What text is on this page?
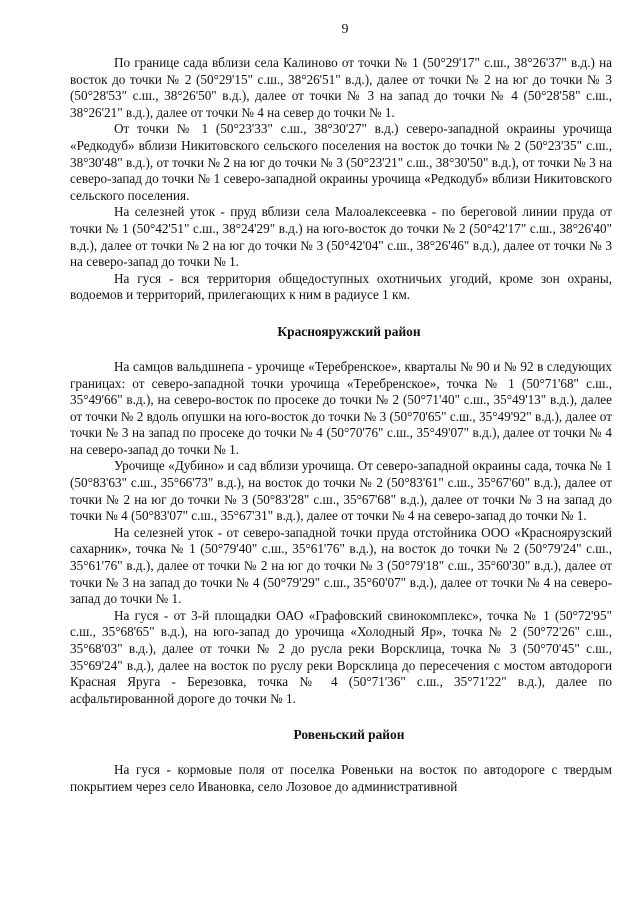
9

По границе сада вблизи села Калиново от точки № 1 (50°29'17" с.ш., 38°26'37" в.д.) на восток до точки № 2 (50°29'15" с.ш., 38°26'51" в.д.), далее от точки № 2 на юг до точки № 3 (50°28'53" с.ш., 38°26'50" в.д.), далее от точки № 3 на запад до точки № 4 (50°28'58" с.ш., 38°26'21" в.д.), далее от точки № 4 на север до точки № 1.

От точки № 1 (50°23'33" с.ш., 38°30'27" в.д.) северо-западной окраины урочища «Редкодуб» вблизи Никитовского сельского поселения на восток до точки № 2 (50°23'35" с.ш., 38°30'48" в.д.), от точки № 2 на юг до точки № 3 (50°23'21" с.ш., 38°30'50" в.д.), от точки № 3 на северо-запад до точки № 1 северо-западной окраины урочища «Редкодуб» вблизи Никитовского сельского поселения.

На селезней уток - пруд вблизи села Малоалексеевка - по береговой линии пруда от точки № 1 (50°42'51" с.ш., 38°24'29" в.д.) на юго-восток до точки № 2 (50°42'17" с.ш., 38°26'40" в.д.), далее от точки № 2 на юг до точки № 3 (50°42'04" с.ш., 38°26'46" в.д.), далее от точки № 3 на северо-запад до точки № 1.

На гуся - вся территория общедоступных охотничьих угодий, кроме зон охраны, водоемов и территорий, прилегающих к ним в радиусе 1 км.

Краснояружский район

На самцов вальдшнепа - урочище «Теребренское», кварталы № 90 и № 92 в следующих границах: от северо-западной точки урочища «Теребренское», точка № 1 (50°71'68" с.ш., 35°49'66" в.д.), на северо-восток по просеке до точки № 2 (50°71'40" с.ш., 35°49'13" в.д.), далее от точки № 2 вдоль опушки на юго-восток до точки № 3 (50°70'65" с.ш., 35°49'92" в.д.), далее от точки № 3 на запад по просеке до точки № 4 (50°70'76" с.ш., 35°49'07" в.д.), далее от точки № 4 на северо-запад до точки № 1.

Урочище «Дубино» и сад вблизи урочища. От северо-западной окраины сада, точка № 1 (50°83'63" с.ш., 35°66'73" в.д.), на восток до точки № 2 (50°83'61" с.ш., 35°67'60" в.д.), далее от точки № 2 на юг до точки № 3 (50°83'28" с.ш., 35°67'68" в.д.), далее от точки № 3 на запад до точки № 4 (50°83'07" с.ш., 35°67'31" в.д.), далее от точки № 4 на северо-запад до точки № 1.

На селезней уток - от северо-западной точки пруда отстойника ООО «Красноярузский сахарник», точка № 1 (50°79'40" с.ш., 35°61'76" в.д.), на восток до точки № 2 (50°79'24" с.ш., 35°61'76" в.д.), далее от точки № 2 на юг до точки № 3 (50°79'18" с.ш., 35°60'30" в.д.), далее от точки № 3 на запад до точки № 4 (50°79'29" с.ш., 35°60'07" в.д.), далее от точки № 4 на северо-запад до точки № 1.

На гуся - от 3-й площадки ОАО «Графовский свинокомплекс», точка № 1 (50°72'95" с.ш., 35°68'65" в.д.), на юго-запад до урочища «Холодный Яр», точка № 2 (50°72'26" с.ш., 35°68'03" в.д.), далее от точки № 2 до русла реки Ворсклица, точка № 3 (50°70'45" с.ш., 35°69'24" в.д.), далее на восток по руслу реки Ворсклица до пересечения с мостом автодороги Красная Яруга - Березовка, точка № 4 (50°71'36" с.ш., 35°71'22" в.д.), далее по асфальтированной дороге до точки № 1.

Ровеньский район

На гуся - кормовые поля от поселка Ровеньки на восток по автодороге с твердым покрытием через село Ивановка, село Лозовое до административной
